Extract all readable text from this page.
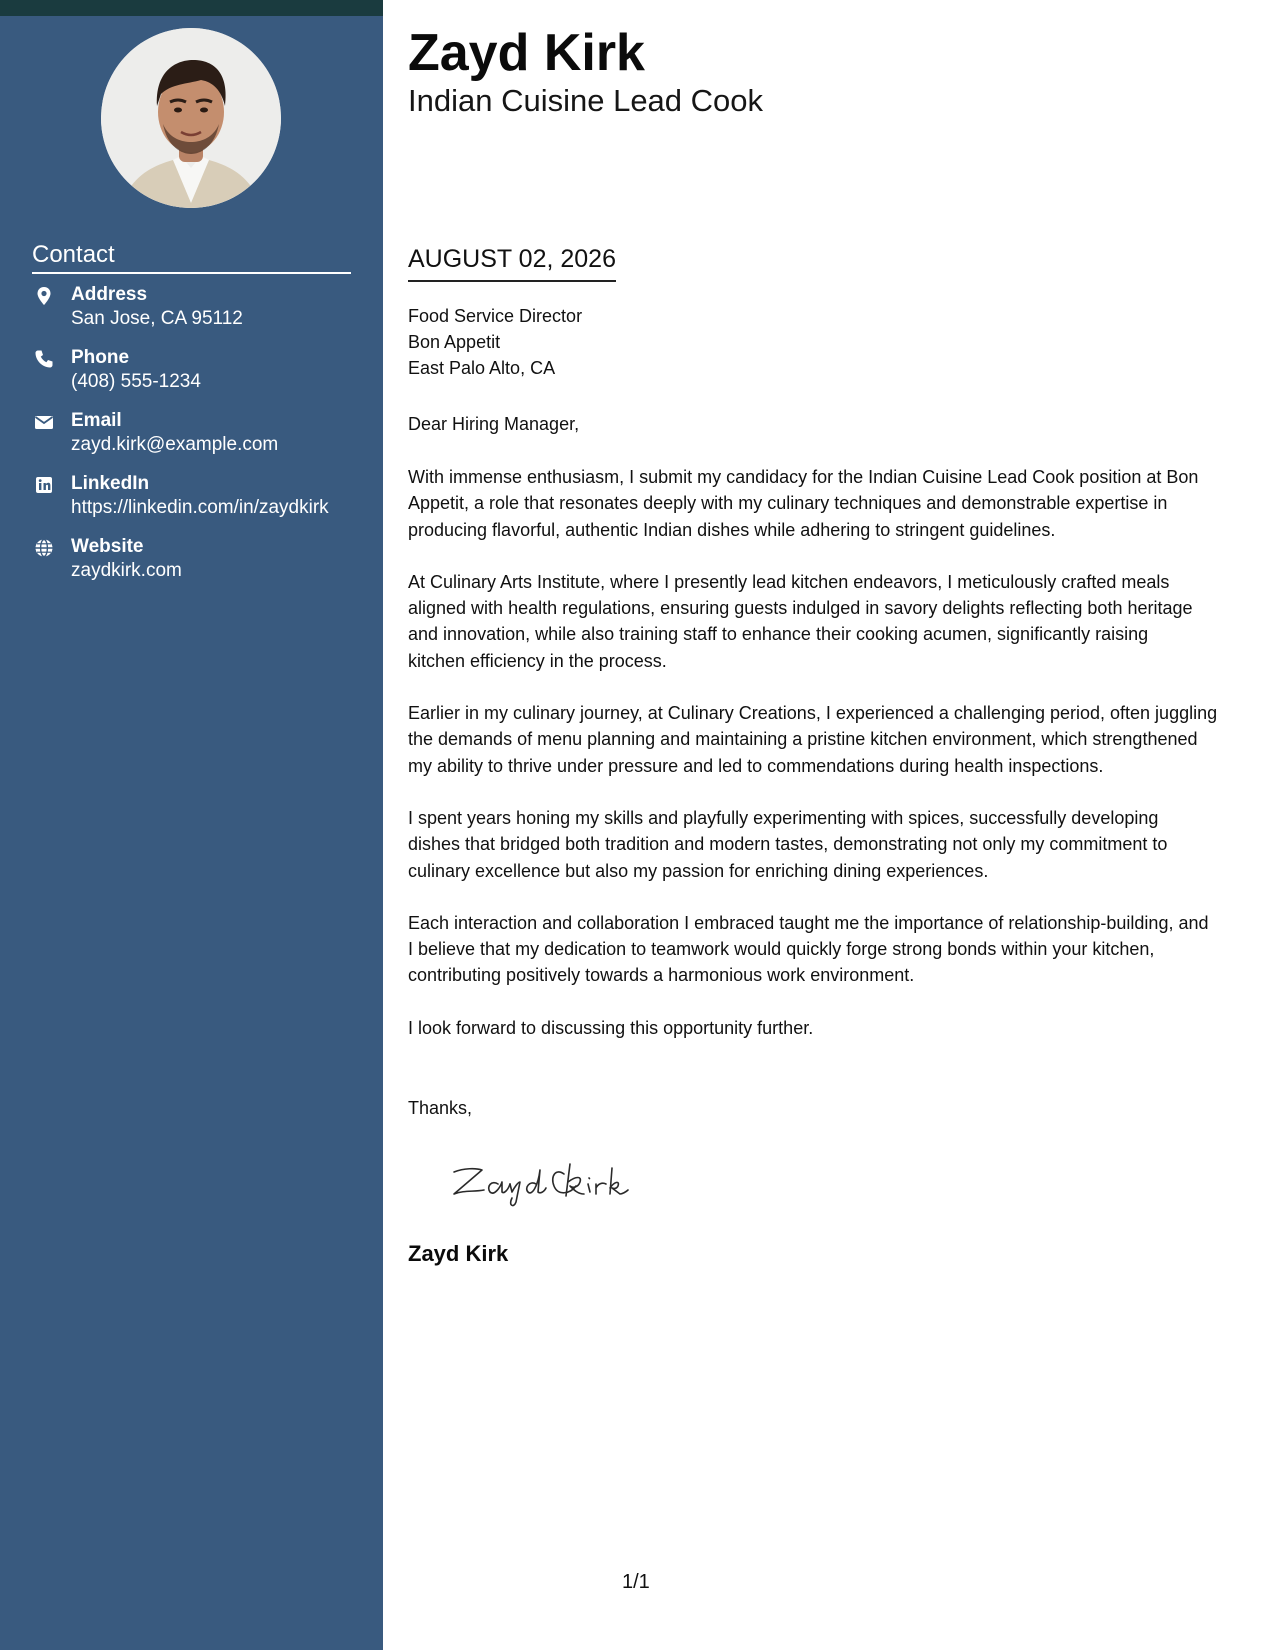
Contact
Address
San Jose, CA 95112
Phone
(408) 555-1234
Email
zayd.kirk@example.com
LinkedIn
https://linkedin.com/in/zaydkirk
Website
zaydkirk.com
Zayd Kirk
Indian Cuisine Lead Cook
AUGUST 02, 2026
Food Service Director
Bon Appetit
East Palo Alto, CA
Dear Hiring Manager,

With immense enthusiasm, I submit my candidacy for the Indian Cuisine Lead Cook position at Bon
Appetit, a role that resonates deeply with my culinary techniques and demonstrable expertise in
producing flavorful, authentic Indian dishes while adhering to stringent guidelines.

At Culinary Arts Institute, where I presently lead kitchen endeavors, I meticulously crafted meals
aligned with health regulations, ensuring guests indulged in savory delights reflecting both heritage
and innovation, while also training staff to enhance their cooking acumen, significantly raising
kitchen efficiency in the process.

Earlier in my culinary journey, at Culinary Creations, I experienced a challenging period, often juggling
the demands of menu planning and maintaining a pristine kitchen environment, which strengthened
my ability to thrive under pressure and led to commendations during health inspections.

I spent years honing my skills and playfully experimenting with spices, successfully developing
dishes that bridged both tradition and modern tastes, demonstrating not only my commitment to
culinary excellence but also my passion for enriching dining experiences.

Each interaction and collaboration I embraced taught me the importance of relationship-building, and
I believe that my dedication to teamwork would quickly forge strong bonds within your kitchen,
contributing positively towards a harmonious work environment.

I look forward to discussing this opportunity further.

Thanks,
Zayd Kirk
1/1
